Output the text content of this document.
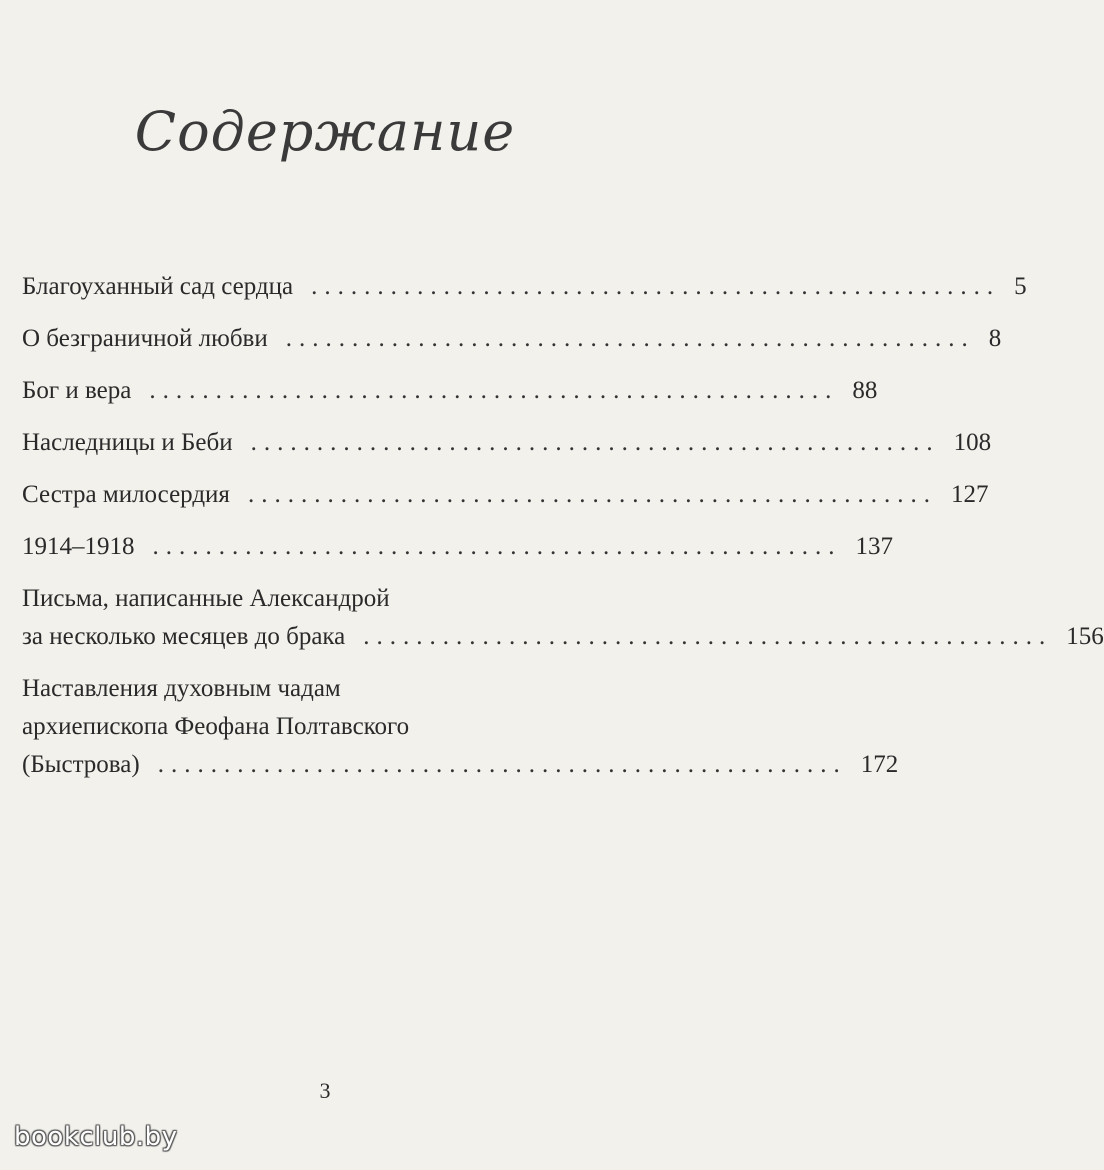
Содержание
Благоуханный сад сердца .................................................... 5
О безграничной любви .................................................... 8
Бог и вера .................................................... 88
Наследницы и Беби .................................................... 108
Сестра милосердия .................................................... 127
1914–1918 .................................................... 137
Письма, написанные Александрой
за несколько месяцев до брака .................................................... 156
Наставления духовным чадам
архиепископа Феофана Полтавского
(Быстрова) .................................................... 172
3
bookclub.by
